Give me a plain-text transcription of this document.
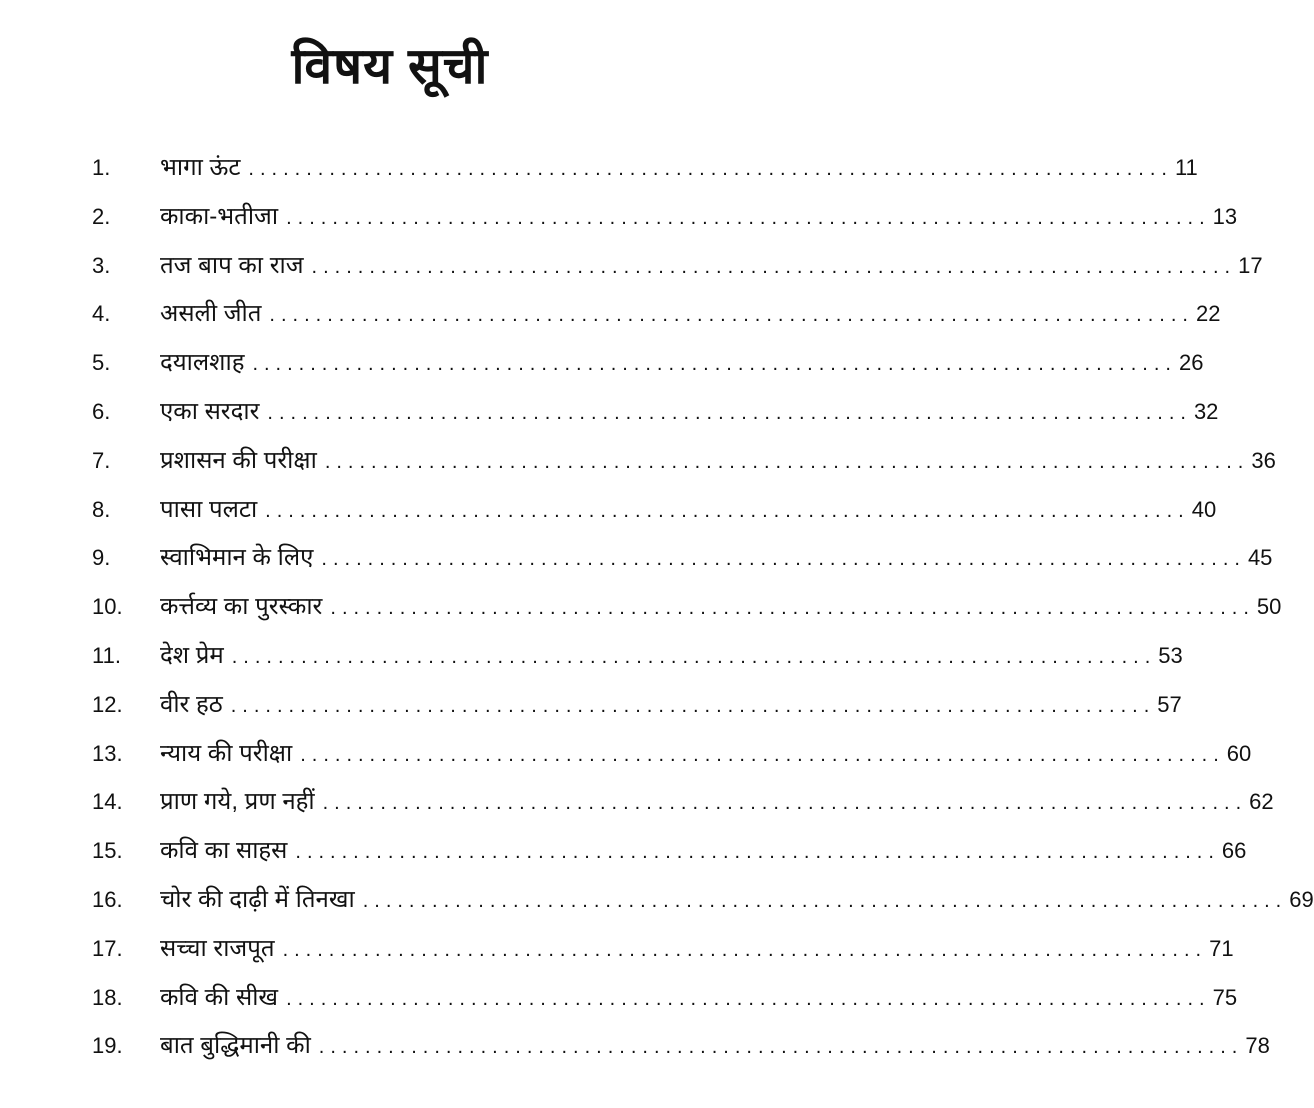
विषय सूची
1.	भागा ऊंट ................................................................................ 11
2.	काका-भतीजा ................................................................................ 13
3.	तज बाप का राज ................................................................................ 17
4.	असली जीत ................................................................................ 22
5.	दयालशाह ................................................................................ 26
6.	एका सरदार ................................................................................ 32
7.	प्रशासन की परीक्षा ................................................................................ 36
8.	पासा पलटा ................................................................................ 40
9.	स्वाभिमान के लिए ................................................................................ 45
10.	कर्त्तव्य का पुरस्कार ................................................................................ 50
11.	देश प्रेम ................................................................................ 53
12.	वीर हठ ................................................................................ 57
13.	न्याय की परीक्षा ................................................................................ 60
14.	प्राण गये, प्रण नहीं ................................................................................ 62
15.	कवि का साहस ................................................................................ 66
16.	चोर की दाढ़ी में तिनखा ................................................................................ 69
17.	सच्चा राजपूत ................................................................................ 71
18.	कवि की सीख ................................................................................ 75
19.	बात बुद्धिमानी की ................................................................................ 78
